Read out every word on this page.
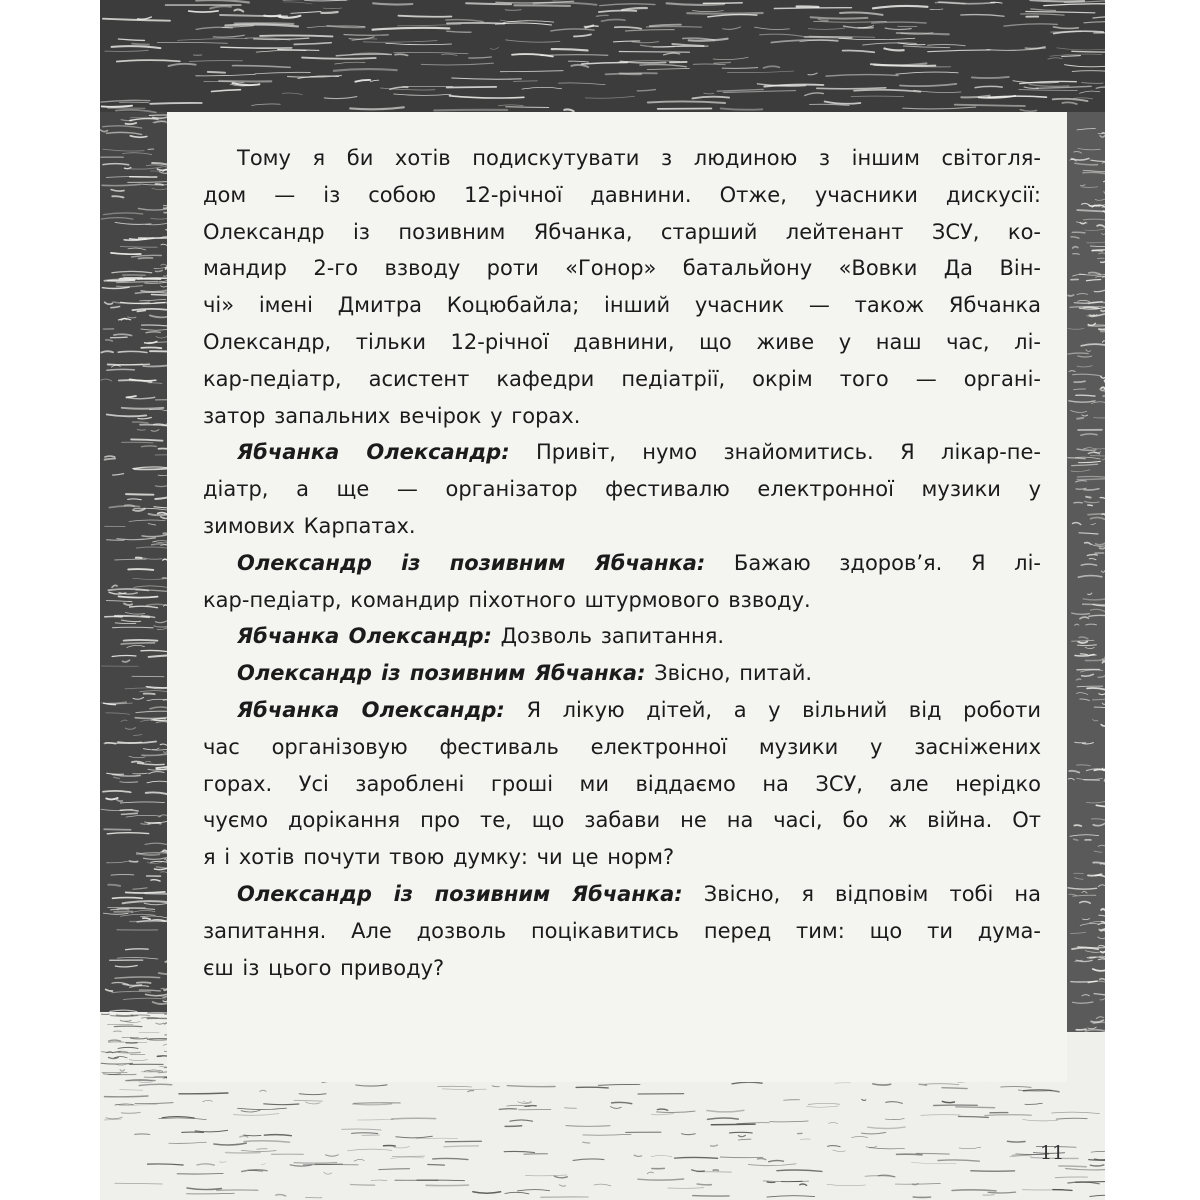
Тому я би хотів подискутувати з людиною з іншим світогля-
дом — із собою 12-річної давнини. Отже, учасники дискусії:
Олександр із позивним Ябчанка, старший лейтенант ЗСУ, ко-
мандир 2-го взводу роти «Гонор» батальйону «Вовки Да Він-
чі» імені Дмитра Коцюбайла; інший учасник — також Ябчанка
Олександр, тільки 12-річної давнини, що живе у наш час, лі-
кар-педіатр, асистент кафедри педіатрії, окрім того — органі-
затор запальних вечірок у горах.
Ябчанка Олександр: Привіт, нумо знайомитись. Я лікар-пе-
діатр, а ще — організатор фестивалю електронної музики у
зимових Карпатах.
Олександр із позивним Ябчанка: Бажаю здоров’я. Я лі-
кар-педіатр, командир піхотного штурмового взводу.
Ябчанка Олександр: Дозволь запитання.
Олександр із позивним Ябчанка: Звісно, питай.
Ябчанка Олександр: Я лікую дітей, а у вільний від роботи
час організовую фестиваль електронної музики у засніжених
горах. Усі зароблені гроші ми віддаємо на ЗСУ, але нерідко
чуємо дорікання про те, що забави не на часі, бо ж війна. От
я і хотів почути твою думку: чи це норм?
Олександр із позивним Ябчанка: Звісно, я відповім тобі на
запитання. Але дозволь поцікавитись перед тим: що ти дума-
єш із цього приводу?
11
